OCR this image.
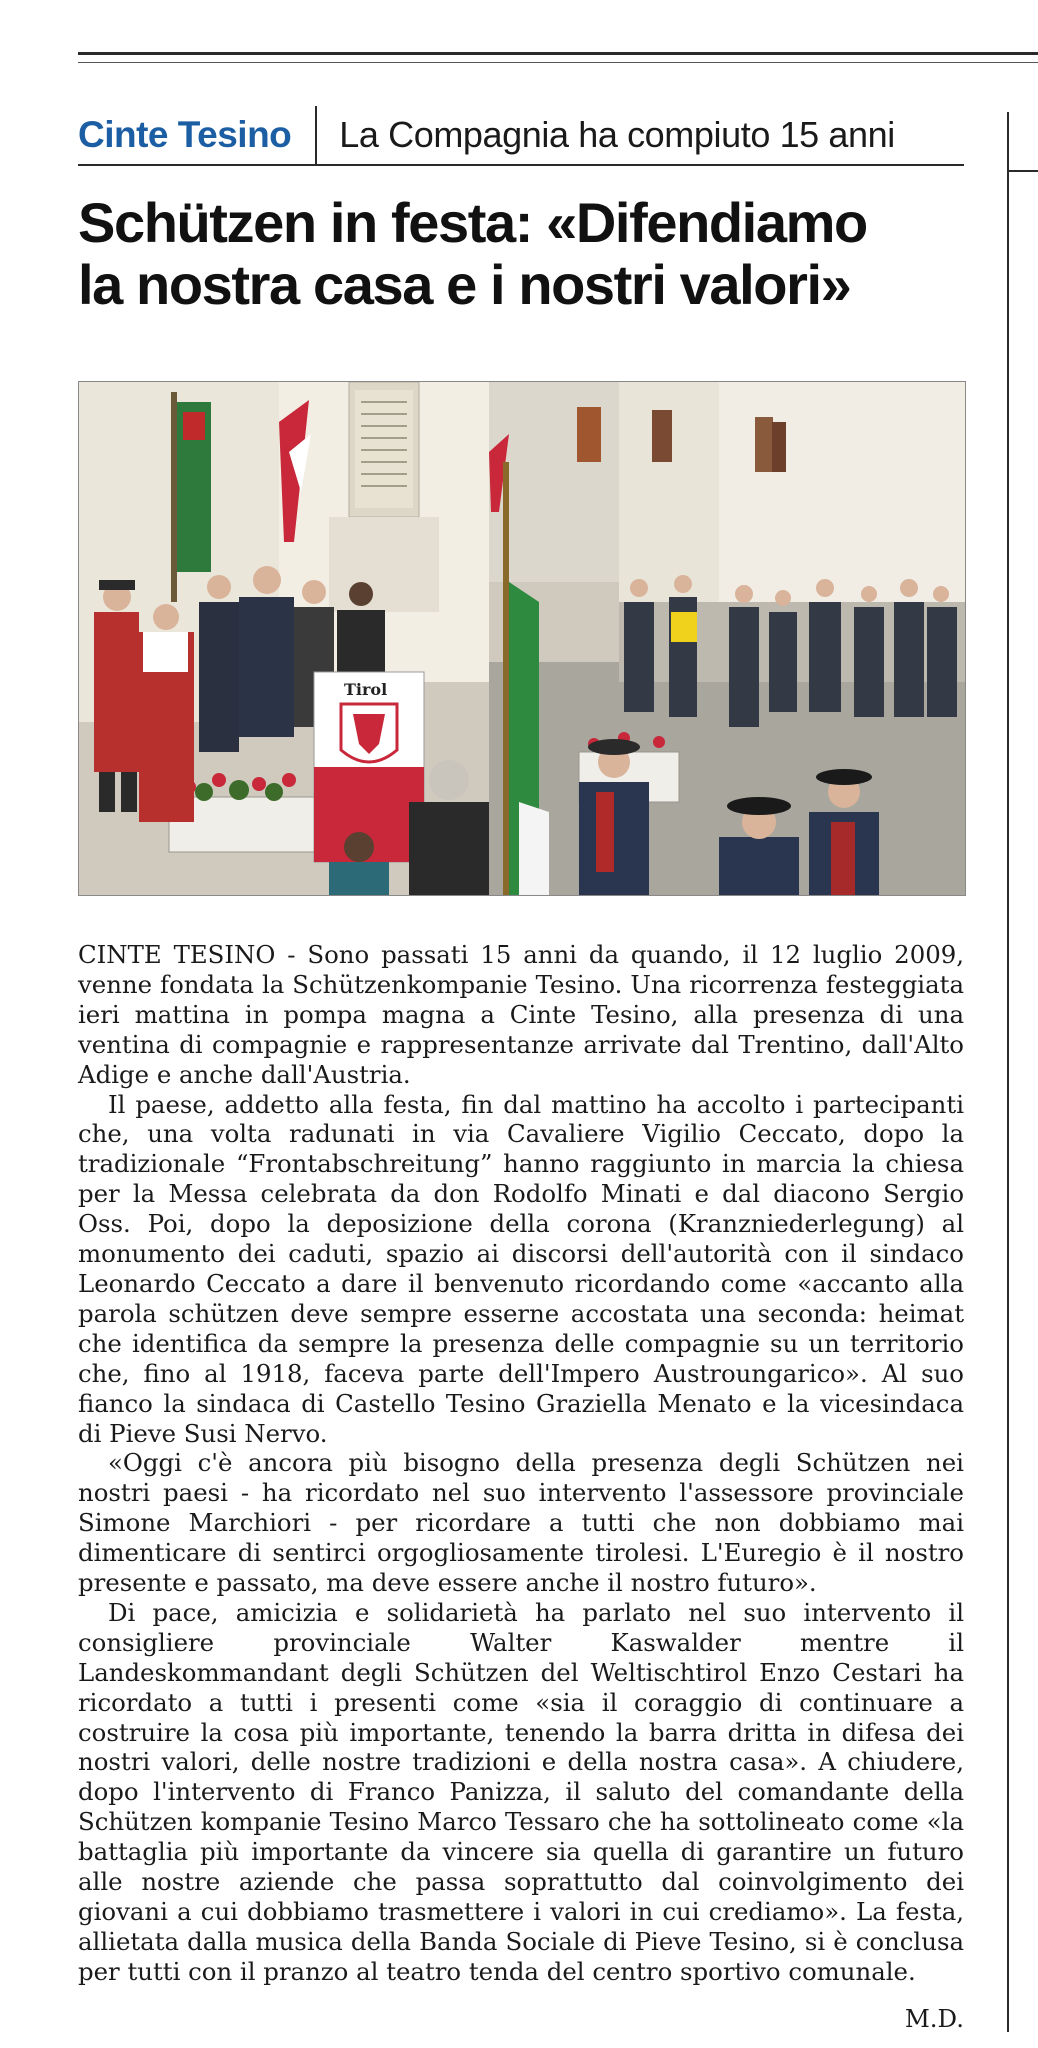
Cinte Tesino La Compagnia ha compiuto 15 anni
Schützen in festa: «Difendiamo
la nostra casa e i nostri valori»
Tirol

CINTE TESINO - Sono passati 15 anni da quando, il 12 luglio 2009, venne fondata la Schützenkompanie Tesino. Una ricorrenza festeggiata ieri mattina in pompa magna a Cinte Tesino, alla presenza di una ventina di compagnie e rappresentanze arrivate dal Trentino, dall'Alto Adige e anche dall'Austria.

Il paese, addetto alla festa, fin dal mattino ha accolto i partecipanti che, una volta radunati in via Cavaliere Vigilio Ceccato, dopo la tradizionale “Frontabschreitung” hanno raggiunto in marcia la chiesa per la Messa celebrata da don Rodolfo Minati e dal diacono Sergio Oss. Poi, dopo la deposizione della corona (Kranzniederlegung) al monumento dei caduti, spazio ai discorsi dell'autorità con il sindaco Leonardo Ceccato a dare il benvenuto ricordando come «accanto alla parola schützen deve sempre esserne accostata una seconda: heimat che identifica da sempre la presenza delle compagnie su un territorio che, fino al 1918, faceva parte dell'Impero Austroungarico». Al suo fianco la sindaca di Castello Tesino Graziella Menato e la vicesindaca di Pieve Susi Nervo.

«Oggi c'è ancora più bisogno della presenza degli Schützen nei nostri paesi - ha ricordato nel suo intervento l'assessore provinciale Simone Marchiori - per ricordare a tutti che non dobbiamo mai dimenticare di sentirci orgogliosamente tirolesi. L'Euregio è il nostro presente e passato, ma deve essere anche il nostro futuro».

Di pace, amicizia e solidarietà ha parlato nel suo intervento il consigliere provinciale Walter Kaswalder mentre il Landeskommandant degli Schützen del Weltischtirol Enzo Cestari ha ricordato a tutti i presenti come «sia il coraggio di continuare a costruire la cosa più importante, tenendo la barra dritta in difesa dei nostri valori, delle nostre tradizioni e della nostra casa». A chiudere, dopo l'intervento di Franco Panizza, il saluto del comandante della Schützen kompanie Tesino Marco Tessaro che ha sottolineato come «la battaglia più importante da vincere sia quella di garantire un futuro alle nostre aziende che passa soprattutto dal coinvolgimento dei giovani a cui dobbiamo trasmettere i valori in cui crediamo». La festa, allietata dalla musica della Banda Sociale di Pieve Tesino, si è conclusa per tutti con il pranzo al teatro tenda del centro sportivo comunale.

M.D.
